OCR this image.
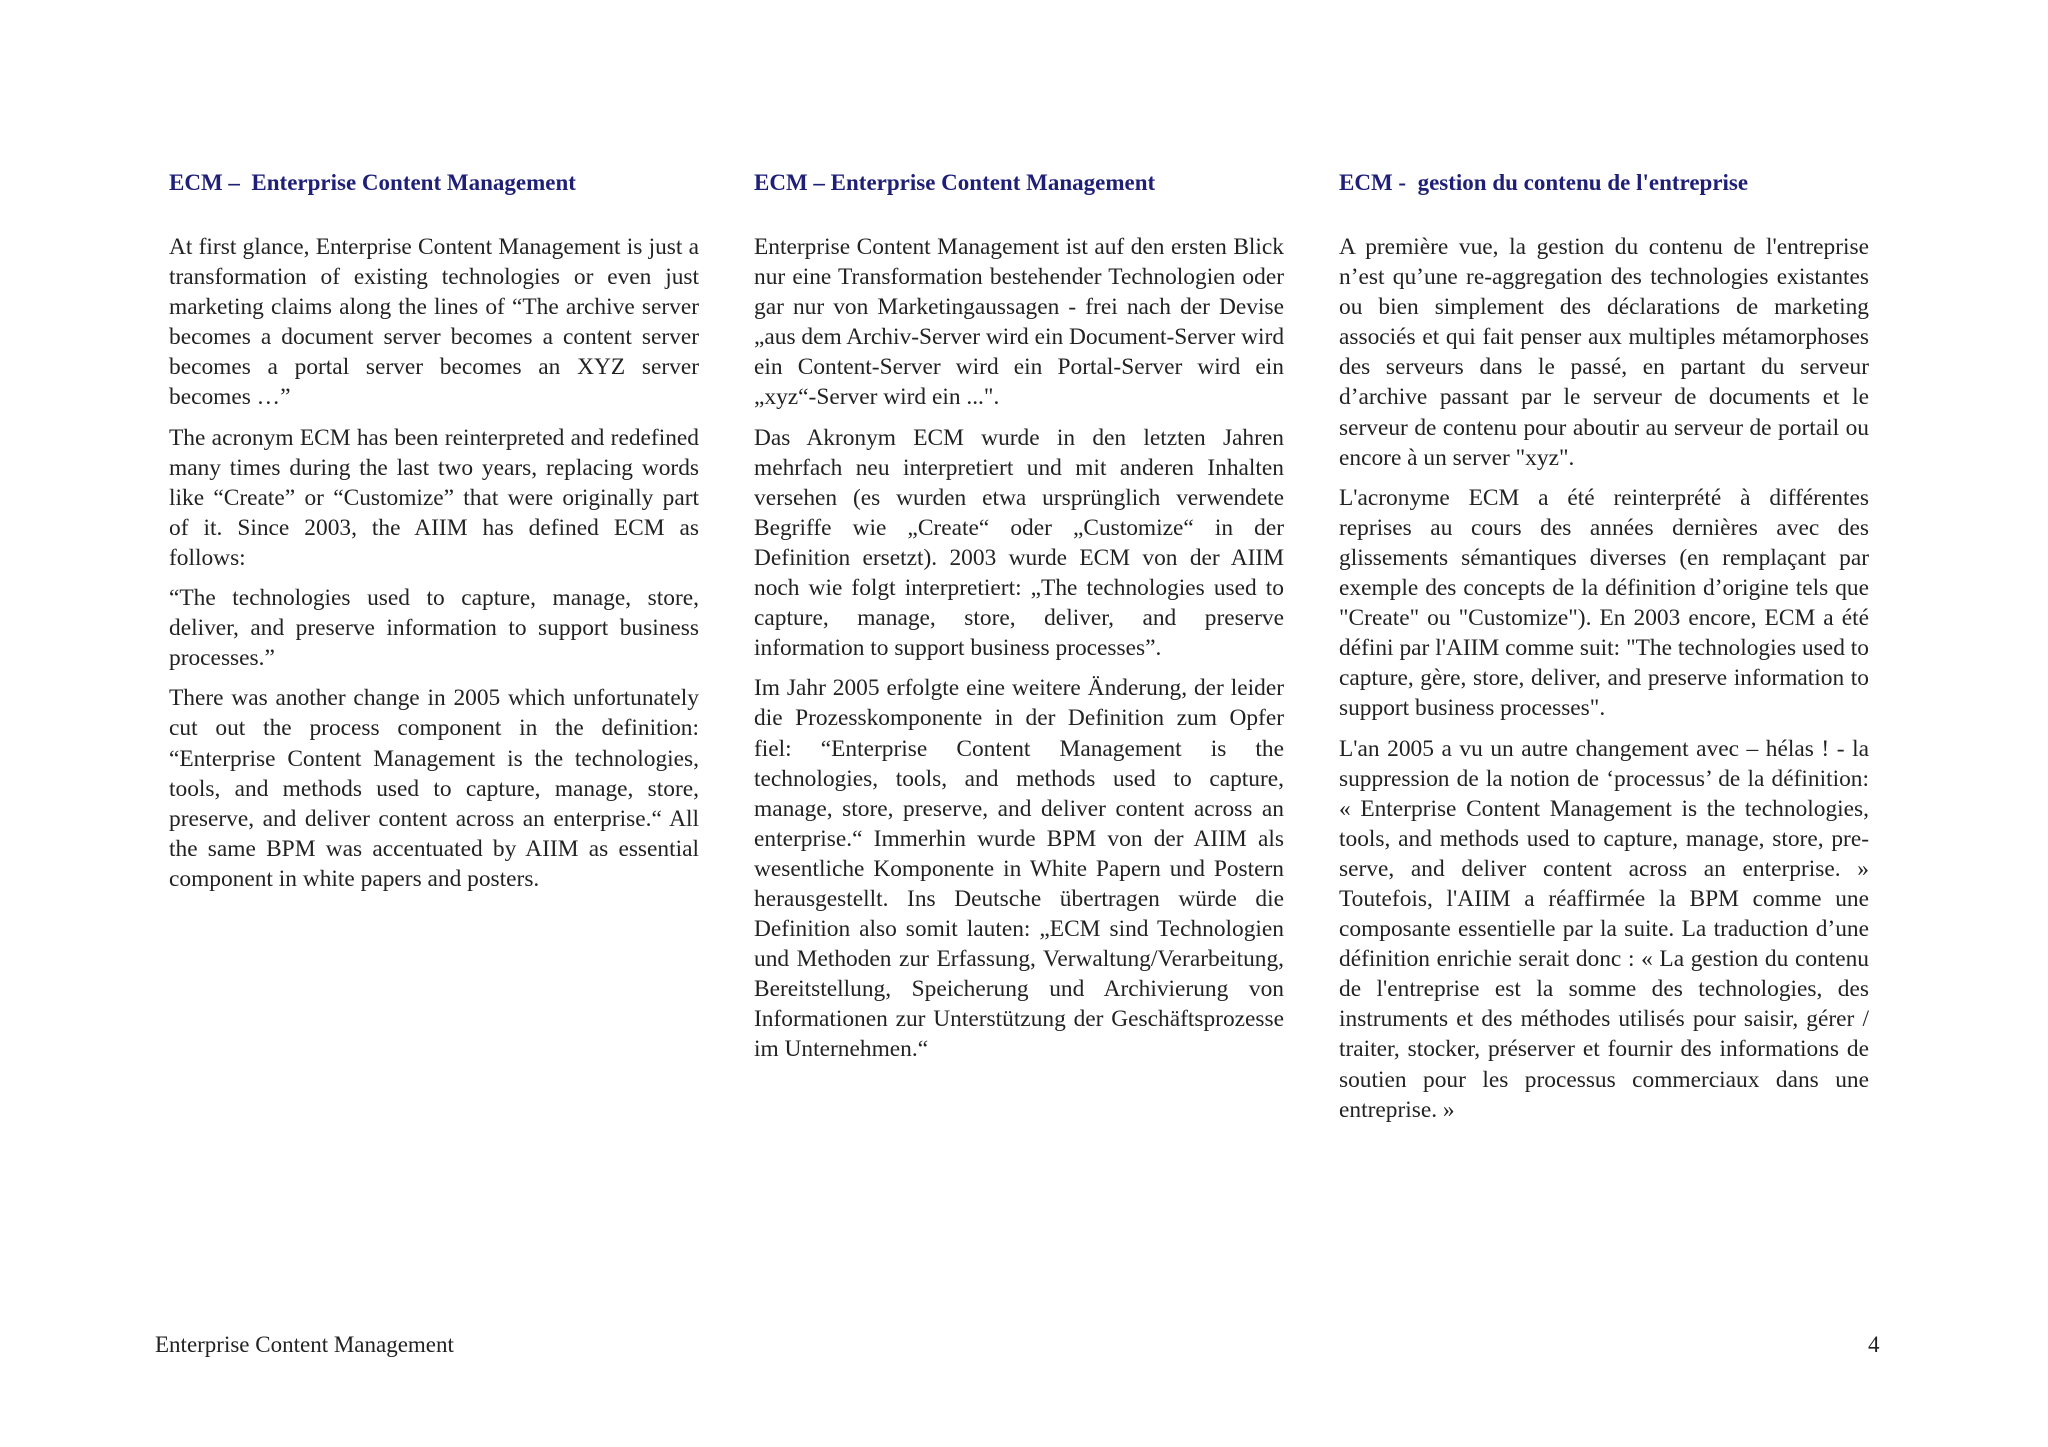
ECM –  Enterprise Content Management

At first glance, Enterprise Content Management is just a transformation of existing technologies or even just marketing claims along the lines of “The archive server becomes a document server becomes a content server becomes a portal server becomes an XYZ server becomes …”

The acronym ECM has been reinterpreted and redefined many times during the last two years, replacing words like “Create” or “Customize” that were originally part of it. Since 2003, the AIIM has defined ECM as follows:

“The technologies used to capture, manage, store, deliver, and preserve information to support business processes.”

There was another change in 2005 which unfortunately cut out the process component in the definition: “Enterprise Content Management is the technologies, tools, and methods used to capture, manage, store, preserve, and deliver content across an enterprise.“ All the same BPM was accentuated by AIIM as essential component in white papers and posters.

ECM – Enterprise Content Management

Enterprise Content Management ist auf den ersten Blick nur eine Transformation bestehender Technologien oder gar nur von Marketingaussagen - frei nach der Devise „aus dem Archiv-Server wird ein Document-Server wird ein Content-Server wird ein Portal-Server wird ein „xyz“-Server wird ein ...".

Das Akronym ECM wurde in den letzten Jahren mehrfach neu interpretiert und mit anderen Inhalten versehen (es wurden etwa ursprünglich verwendete Begriffe wie „Create“ oder „Customize“ in der Definition ersetzt). 2003 wurde ECM von der AIIM noch wie folgt interpretiert: „The technologies used to capture, manage, store, deliver, and preserve information to support business processes”.

Im Jahr 2005 erfolgte eine weitere Änderung, der leider die Prozesskomponente in der Definition zum Opfer fiel: “Enterprise Content Management is the technologies, tools, and methods used to capture, manage, store, preserve, and deliver content across an enterprise.“ Immerhin wurde BPM von der AIIM als wesentliche Komponente in White Papern und Postern herausgestellt. Ins Deutsche übertragen würde die Definition also somit lauten: „ECM sind Technologien und Methoden zur Erfassung, Verwaltung/Verarbeitung, Bereitstellung, Speicherung und Archivierung von Informationen zur Unterstützung der Geschäftsprozesse im Unternehmen.“

ECM -  gestion du contenu de l'entreprise

A première vue, la gestion du contenu de l'entreprise n’est qu’une re-aggregation des technologies existantes ou bien simplement des déclarations de marketing associés et qui fait penser aux multiples métamorphoses des serveurs dans le passé, en partant du serveur d’archive passant par le serveur de documents et le serveur de contenu pour aboutir au serveur de portail ou encore à un server "xyz".

L'acronyme ECM a été reinterprété à différentes reprises au cours des années dernières avec des glissements sémantiques diverses (en remplaçant par exemple des concepts de la définition d’origine tels que "Create" ou "Customize"). En 2003 encore, ECM a été défini par l'AIIM comme suit: "The technologies used to capture, gère, store, deliver, and preserve information to support business processes".

L'an 2005 a vu un autre changement avec – hélas ! - la suppression de la notion de ‘processus’ de la définition: « Enterprise Content Management is the technologies, tools, and methods used to capture, manage, store, preserve, and deliver content across an enterprise. » Toutefois, l'AIIM a réaffirmée la BPM comme une composante essentielle par la suite. La traduction d’une définition enrichie serait donc : « La gestion du contenu de l'entreprise est la somme des technologies, des instruments et des méthodes utilisés pour saisir, gérer / traiter, stocker, préserver et fournir des informations de soutien pour les processus commerciaux dans une entreprise. »

Enterprise Content Management	4
